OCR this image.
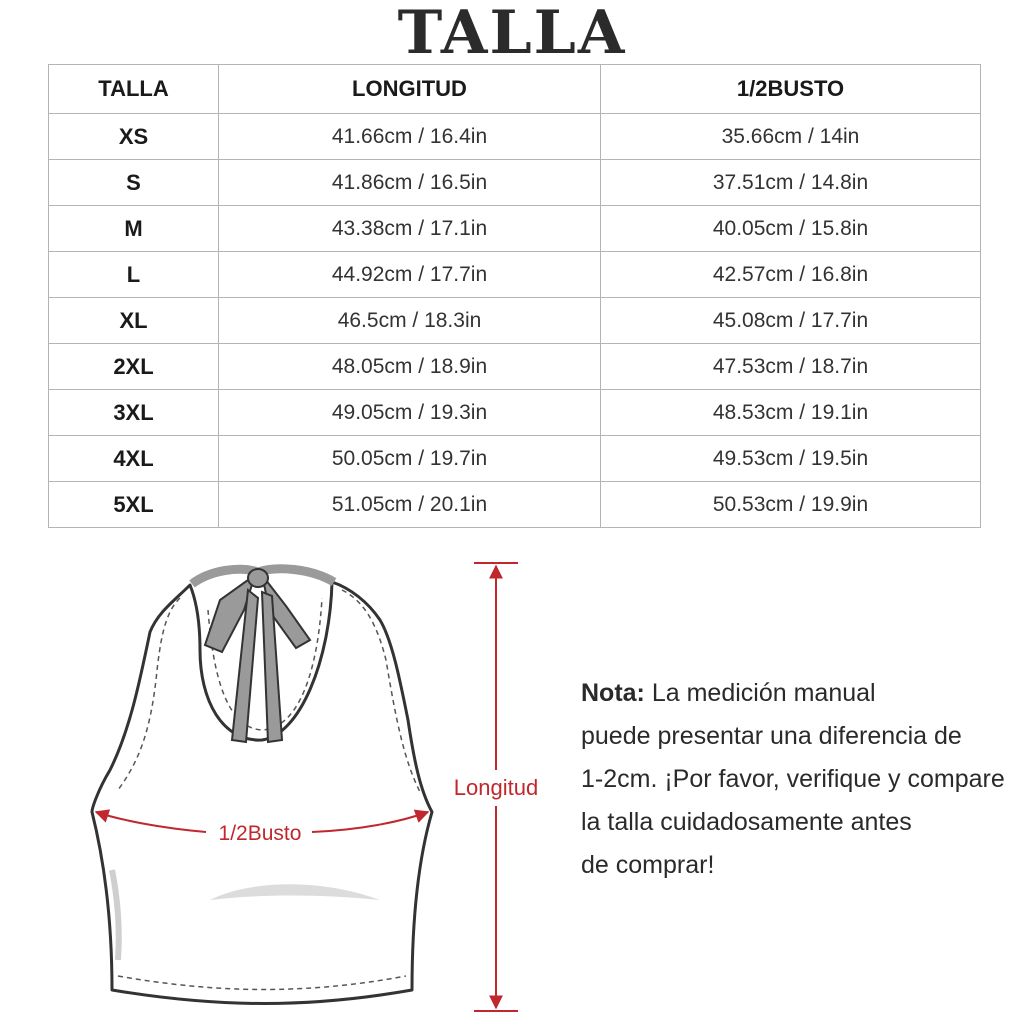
TALLA
TALLA	LONGITUD	1/2BUSTO
XS	41.66cm / 16.4in	35.66cm / 14in
S	41.86cm / 16.5in	37.51cm / 14.8in
M	43.38cm / 17.1in	40.05cm / 15.8in
L	44.92cm / 17.7in	42.57cm / 16.8in
XL	46.5cm / 18.3in	45.08cm / 17.7in
2XL	48.05cm / 18.9in	47.53cm / 18.7in
3XL	49.05cm / 19.3in	48.53cm / 19.1in
4XL	50.05cm / 19.7in	49.53cm / 19.5in
5XL	51.05cm / 20.1in	50.53cm / 19.9in
1/2Busto
Longitud
Nota: La medición manual
puede presentar una diferencia de
1-2cm. ¡Por favor, verifique y compare
la talla cuidadosamente antes
de comprar!
